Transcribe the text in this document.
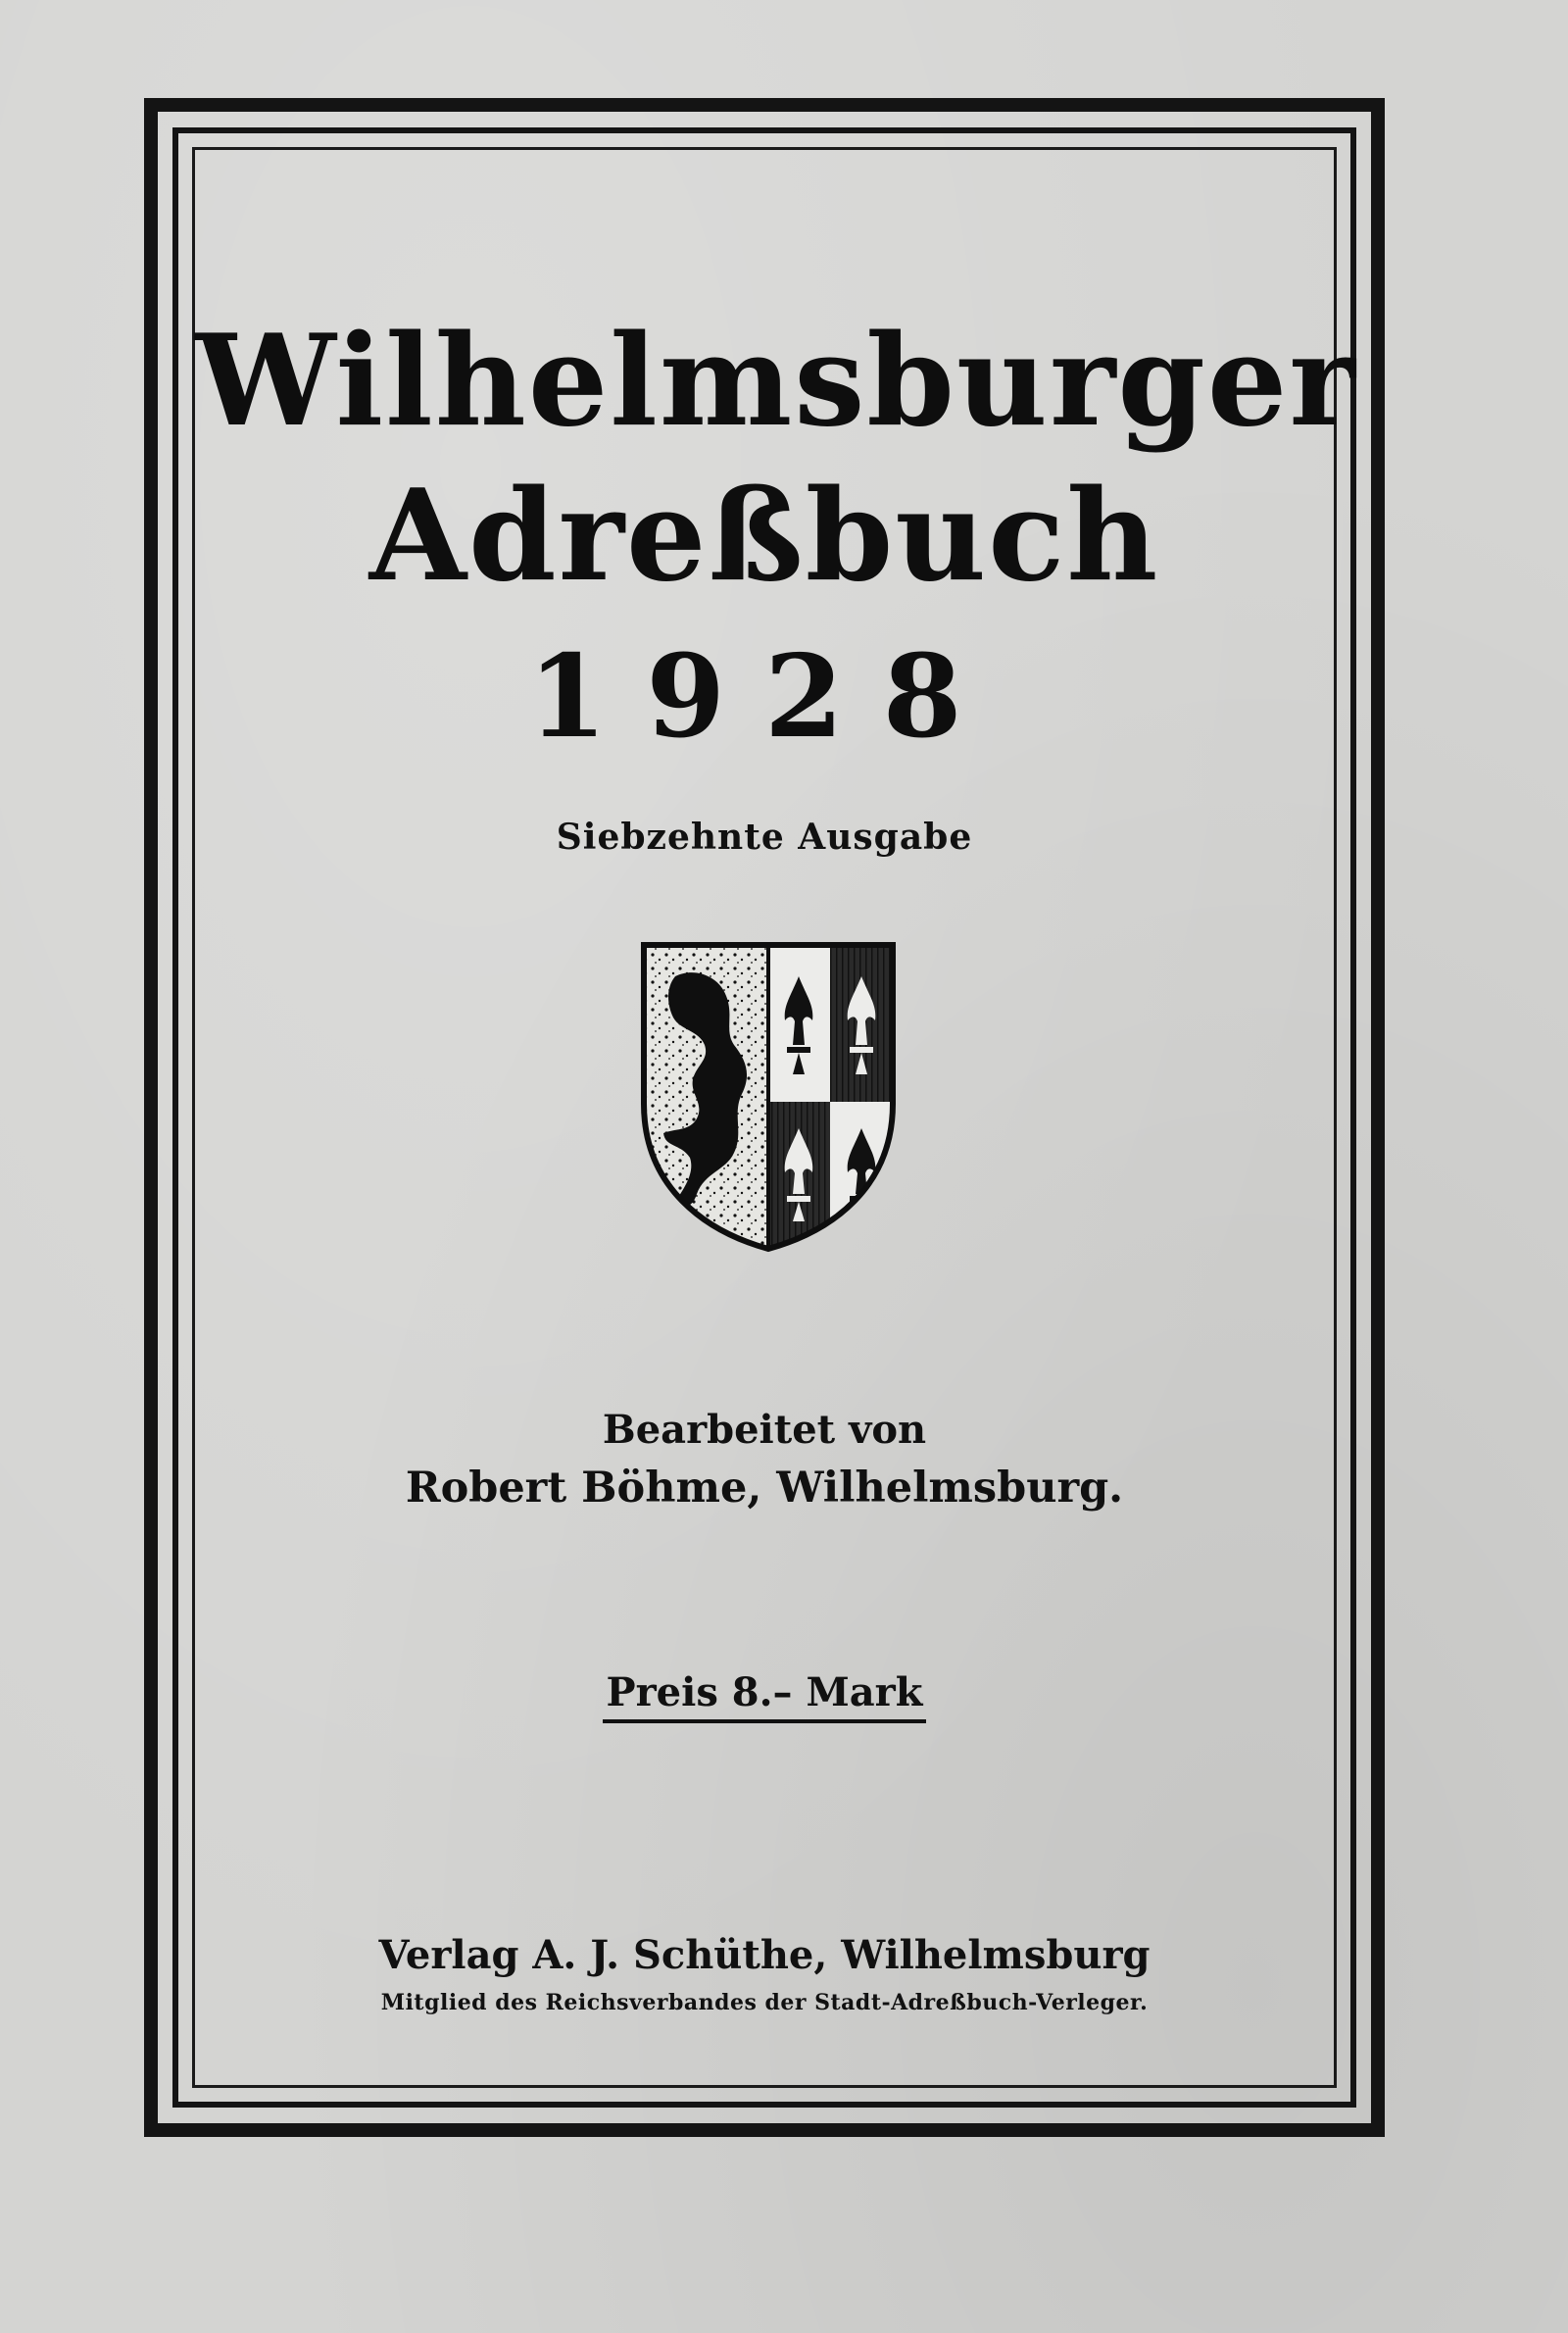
Wilhelmsburger
Adreßbuch
1928
Siebzehnte Ausgabe
Bearbeitet von
Robert Böhme, Wilhelmsburg.
Preis 8.– Mark
Verlag A. J. Schüthe, Wilhelmsburg
Mitglied des Reichsverbandes der Stadt-Adreßbuch-Verleger.
